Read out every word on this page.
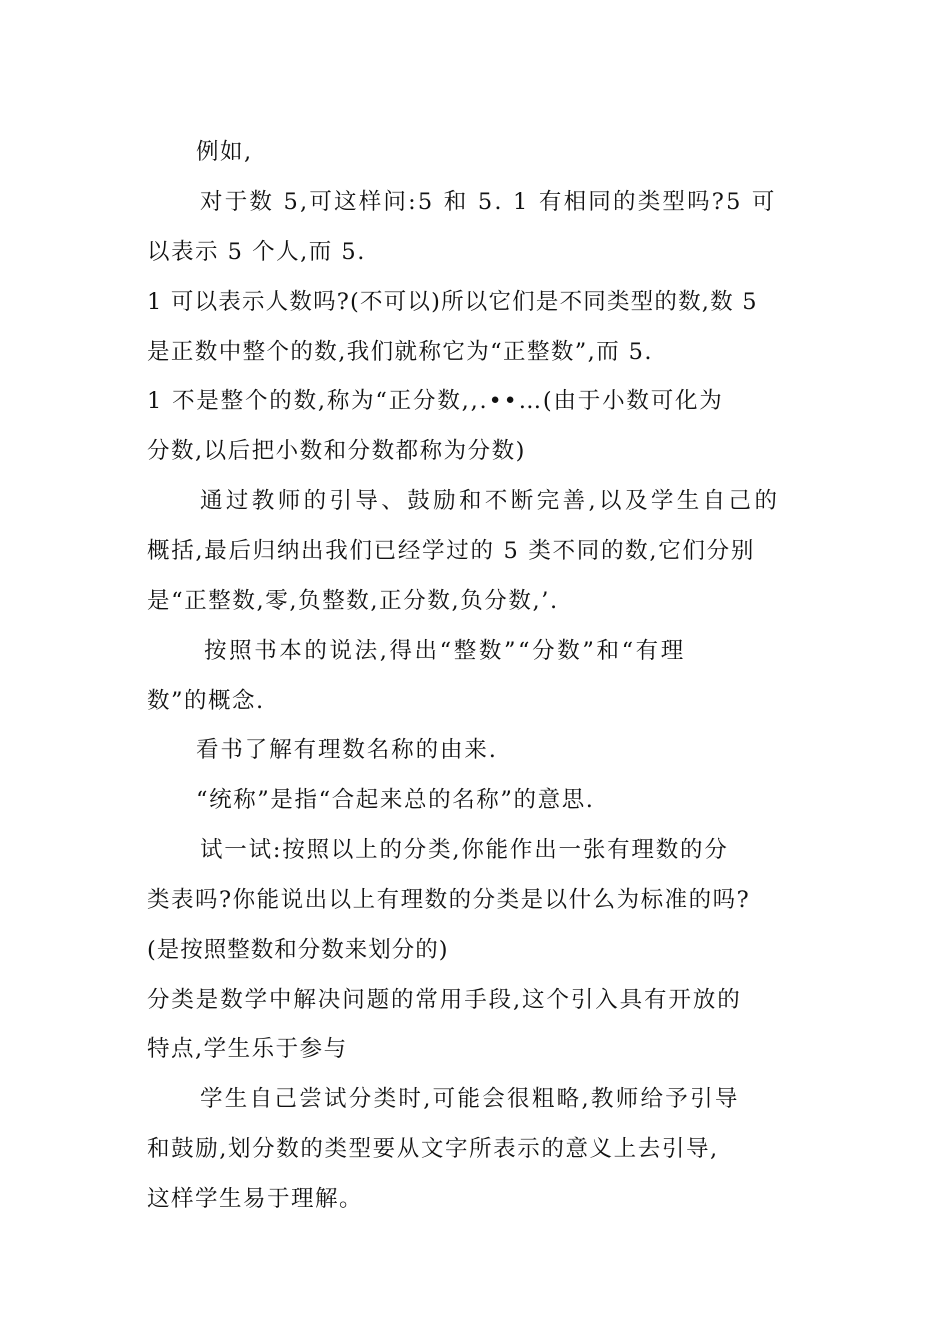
例如,
对于数 5,可这样问:5 和 5. 1 有相同的类型吗?5 可
以表示 5 个人,而 5.
1 可以表示人数吗?(不可以)所以它们是不同类型的数,数 5
是正数中整个的数,我们就称它为“正整数”,而 5.
1 不是整个的数,称为“正分数,,.••…(由于小数可化为
分数,以后把小数和分数都称为分数)
通过教师的引导、鼓励和不断完善,以及学生自己的
概括,最后归纳出我们已经学过的 5 类不同的数,它们分别
是“正整数,零,负整数,正分数,负分数,’.
按照书本的说法,得出“整数”“分数”和“有理
数”的概念.
看书了解有理数名称的由来.
“统称”是指“合起来总的名称”的意思.
试一试:按照以上的分类,你能作出一张有理数的分
类表吗?你能说出以上有理数的分类是以什么为标准的吗?
(是按照整数和分数来划分的)
分类是数学中解决问题的常用手段,这个引入具有开放的
特点,学生乐于参与
学生自己尝试分类时,可能会很粗略,教师给予引导
和鼓励,划分数的类型要从文字所表示的意义上去引导,
这样学生易于理解。
